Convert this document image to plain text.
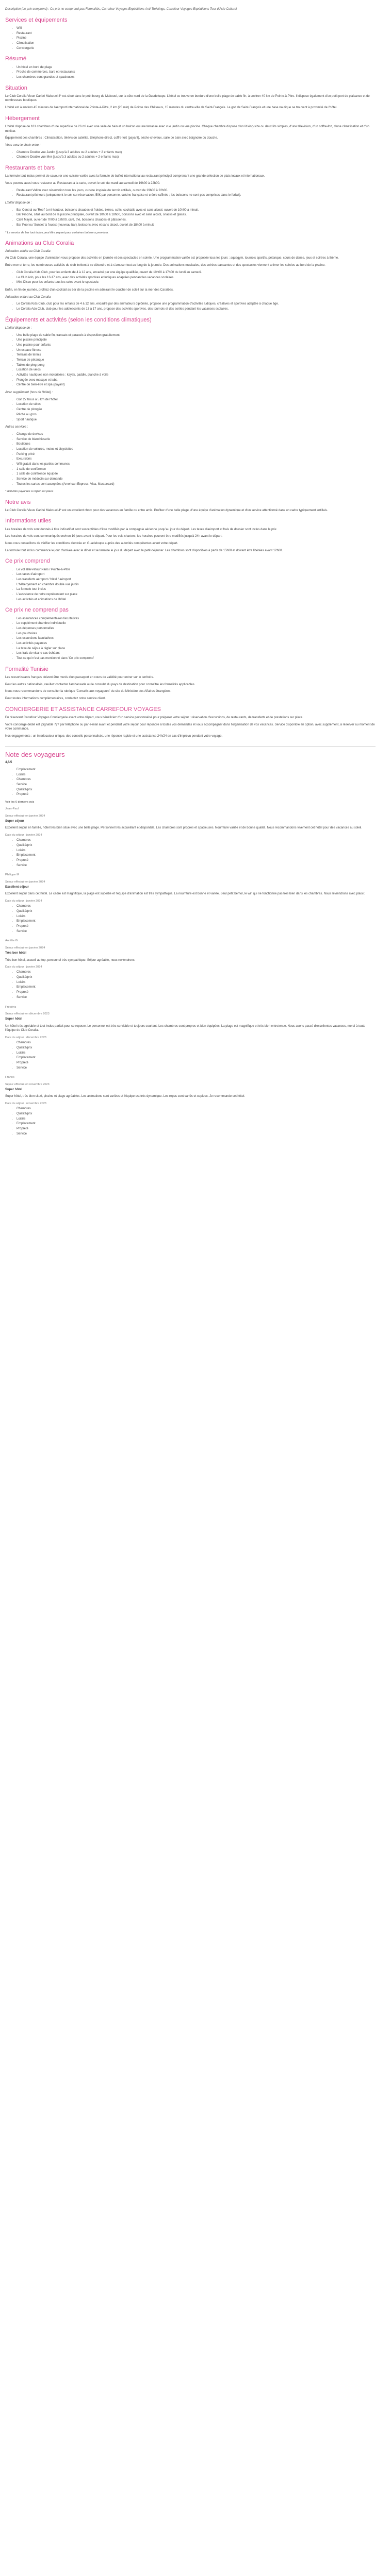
Description (Le prix comprend) : Ce prix ne comprend pas Formalités, Carrefour Voyages Expéditions Anti-Trekkings, Carrefour Voyages Expéditions Tour d'Asie Culturel

Services et équipements
• Wifi
• Restaurant
• Piscine
• Climatisation
• Conciergerie
Résumé
• Un hôtel en bord de plage
• Proche de commerces, bars et restaurants
• Les chambres sont grandes et spacieuses
Situation

Le Club Coralia Vieux Caribé Makouel 4* est situé dans le petit bourg de Makouel, sur la côte nord de la Guadeloupe. L'hôtel se trouve en bordure d'une belle plage de sable fin, à environ 40 km de Pointe-à-Pitre. Il dispose également d'un petit port de plaisance et de nombreuses boutiques.

L'hôtel est à environ 45 minutes de l'aéroport international de Pointe-à-Pitre, 2 km (25 min) de Pointe des Châteaux, 15 minutes du centre-ville de Saint-François. Le golf de Saint-François et une base nautique se trouvent à proximité de l'hôtel.

Hébergement

L'hôtel dispose de 181 chambres d'une superficie de 26 m² avec une salle de bain et un balcon ou une terrasse avec vue jardin ou vue piscine. Chaque chambre dispose d'un lit king-size ou deux lits simples, d'une télévision, d'un coffre-fort, d'une climatisation et d'un minibar.

Équipement des chambres : Climatisation, télévision satellite, téléphone direct, coffre-fort (payant), sèche-cheveux, salle de bain avec baignoire ou douche.

Vous avez le choix entre :

• Chambre Double vue Jardin (jusqu'à 3 adultes ou 2 adultes + 2 enfants max)
• Chambre Double vue Mer (jusqu'à 3 adultes ou 2 adultes + 2 enfants max)
Restaurants et bars

La formule tout inclus permet de savourer une cuisine variée avec la formule de buffet international au restaurant principal comprenant une grande sélection de plats locaux et internationaux.

Vous pourrez aussi vous restaurer au Restaurant à la carte, ouvert le soir du mardi au samedi de 19h00 à 22h00.

• Restaurant Vallon avec réservation tous les jours, cuisine inspirée du terroir antillais, ouvert de 19h00 à 22h00.
• Restaurant pêcheurs (uniquement le soir sur réservation, 50€ par personne, cuisine française et créole raffinée ; les boissons ne sont pas comprises dans le forfait).

L'hôtel dispose de :

• Bar Central ou 'Reef' à mi-hauteur, boissons chaudes et froides, bières, softs, cocktails avec et sans alcool, ouvert de 10h00 à minuit.
• Bar Piscine, situé au bord de la piscine principale, ouvert de 10h00 à 18h00, boissons avec et sans alcool, snacks et glaces.
• Café Mayel, ouvert de 7h00 à 17h00, café, thé, boissons chaudes et pâtisseries.
• Bar Pool ou 'Sunset' à l'ouest (nouveau bar), boissons avec et sans alcool, ouvert de 18h00 à minuit.

* Le service de bar tout inclus peut être payant pour certaines boissons premium.

Animations au Club Coralia

Animation adulte au Club Coralia

Au Club Coralia, une équipe d'animation vous propose des activités en journée et des spectacles en soirée. Une programmation variée est proposée tous les jours : aquagym, tournois sportifs, pétanque, cours de danse, jeux et soirées à thème.

Entre mer et terre, les nombreuses activités du club invitent à se détendre et à s'amuser tout au long de la journée. Des animations musicales, des soirées dansantes et des spectacles viennent animer les soirées au bord de la piscine.

• Club Coralia Kids Club, pour les enfants de 4 à 12 ans, encadré par une équipe qualifiée, ouvert de 10h00 à 17h00 du lundi au samedi.
• Le Club Ado, pour les 13-17 ans, avec des activités sportives et ludiques adaptées pendant les vacances scolaires.
• Mini-Disco pour les enfants tous les soirs avant le spectacle.

Enfin, en fin de journée, profitez d'un cocktail au bar de la piscine en admirant le coucher de soleil sur la mer des Caraïbes.

Animation enfant au Club Coralia

• Le Coralia Kids Club, club pour les enfants de 4 à 12 ans, encadré par des animateurs diplômés, propose une programmation d'activités ludiques, créatives et sportives adaptée à chaque âge.
• Le Coralia Ado Club, club pour les adolescents de 13 à 17 ans, propose des activités sportives, des tournois et des sorties pendant les vacances scolaires.
Équipements et activités (selon les conditions climatiques)

L'hôtel dispose de :

• Une belle plage de sable fin, transats et parasols à disposition gratuitement
• Une piscine principale
• Une piscine pour enfants
• Un espace fitness
• Terrains de tennis
• Terrain de pétanque
• Tables de ping-pong
• Location de vélos
• Activités nautiques non motorisées : kayak, paddle, planche à voile
• Plongée avec masque et tuba
• Centre de bien-être et spa (payant)

Avec supplément (hors de l'hôtel) :

• Golf 27 trous à 5 km de l'hôtel
• Location de vélos
• Centre de plongée
• Pêche au gros
• Sport nautique

Autres services :

• Change de devises
• Service de blanchisserie
• Boutiques
• Location de voitures, motos et bicyclettes
• Parking privé
• Excursions
• Wifi gratuit dans les parties communes
• 1 salle de conférence
• 1 salle de conférence équipée
• Service de médecin sur demande
• Toutes les cartes sont acceptées (American Express, Visa, Mastercard)

* Activités payantes à régler sur place

Notre avis

Le Club Coralia Vieux Caribé Makouel 4* est un excellent choix pour des vacances en famille ou entre amis. Profitez d'une belle plage, d'une équipe d'animation dynamique et d'un service attentionné dans un cadre typiquement antillais.

Informations utiles

Les horaires de vols sont donnés à titre indicatif et sont susceptibles d'être modifiés par la compagnie aérienne jusqu'au jour du départ. Les taxes d'aéroport et frais de dossier sont inclus dans le prix.

Les horaires de vols sont communiqués environ 10 jours avant le départ. Pour les vols charters, les horaires peuvent être modifiés jusqu'à 24h avant le départ.

Nous vous conseillons de vérifier les conditions d'entrée en Guadeloupe auprès des autorités compétentes avant votre départ.

La formule tout inclus commence le jour d'arrivée avec le dîner et se termine le jour du départ avec le petit-déjeuner. Les chambres sont disponibles à partir de 15h00 et doivent être libérées avant 12h00.

Ce prix comprend
• Le vol aller-retour Paris / Pointe-à-Pitre
• Les taxes d'aéroport
• Les transferts aéroport / hôtel / aéroport
• L'hébergement en chambre double vue jardin
• La formule tout inclus
• L'assistance de notre représentant sur place
• Les activités et animations de l'hôtel
Ce prix ne comprend pas
• Les assurances complémentaires facultatives
• Le supplément chambre individuelle
• Les dépenses personnelles
• Les pourboires
• Les excursions facultatives
• Les activités payantes
• La taxe de séjour à régler sur place
• Les frais de visa le cas échéant
• Tout ce qui n'est pas mentionné dans 'Ce prix comprend'
Formalité Tunisie

Les ressortissants français doivent être munis d'un passeport en cours de validité pour entrer sur le territoire.

Pour les autres nationalités, veuillez contacter l'ambassade ou le consulat du pays de destination pour connaître les formalités applicables.

Nous vous recommandons de consulter la rubrique 'Conseils aux voyageurs' du site du Ministère des Affaires étrangères.

Pour toutes informations complémentaires, contactez notre service client.

CONCIERGERIE ET ASSISTANCE CARREFOUR VOYAGES

En réservant Carrefour Voyages Conciergerie avant votre départ, vous bénéficiez d'un service personnalisé pour préparer votre séjour : réservation d'excursions, de restaurants, de transferts et de prestations sur place.

Votre concierge dédié est joignable 7j/7 par téléphone ou par e-mail avant et pendant votre séjour pour répondre à toutes vos demandes et vous accompagner dans l'organisation de vos vacances. Service disponible en option, avec supplément, à réserver au moment de votre commande.

Nos engagements : un interlocuteur unique, des conseils personnalisés, une réponse rapide et une assistance 24h/24 en cas d'imprévu pendant votre voyage.

Note des voyageurs

4,5/5

• Emplacement
• Loisirs
• Chambres
• Service
• Qualité/prix
• Propreté

Voir les 6 derniers avis

Jean-Paul

Séjour effectué en janvier 2024

Super séjour

Excellent séjour en famille, hôtel très bien situé avec une belle plage. Personnel très accueillant et disponible. Les chambres sont propres et spacieuses. Nourriture variée et de bonne qualité. Nous recommandons vivement cet hôtel pour des vacances au soleil.

Date du séjour : janvier 2024

• Chambres
• Qualité/prix
• Loisirs
• Emplacement
• Propreté
• Service

Philippe M

Séjour effectué en janvier 2024

Excellent séjour

Excellent séjour dans cet hôtel. Le cadre est magnifique, la plage est superbe et l'équipe d'animation est très sympathique. La nourriture est bonne et variée. Seul petit bémol, le wifi qui ne fonctionne pas très bien dans les chambres. Nous reviendrons avec plaisir.

Date du séjour : janvier 2024

• Chambres
• Qualité/prix
• Loisirs
• Emplacement
• Propreté
• Service

Aurélie G

Séjour effectué en janvier 2024

Très bon hôtel

Très bon hôtel, accueil au top, personnel très sympathique. Séjour agréable, nous reviendrons.

Date du séjour : janvier 2024

• Chambres
• Qualité/prix
• Loisirs
• Emplacement
• Propreté
• Service

Frédéric

Séjour effectué en décembre 2023

Super hôtel

Un hôtel très agréable et tout inclus parfait pour se reposer. Le personnel est très serviable et toujours souriant. Les chambres sont propres et bien équipées. La plage est magnifique et très bien entretenue. Nous avons passé d'excellentes vacances, merci à toute l'équipe du Club Coralia.

Date du séjour : décembre 2023

• Chambres
• Qualité/prix
• Loisirs
• Emplacement
• Propreté
• Service

Franck

Séjour effectué en novembre 2023

Super hôtel

Super hôtel, très bien situé, piscine et plage agréables. Les animations sont variées et l'équipe est très dynamique. Les repas sont variés et copieux. Je recommande cet hôtel.

Date du séjour : novembre 2023

• Chambres
• Qualité/prix
• Loisirs
• Emplacement
• Propreté
• Service
